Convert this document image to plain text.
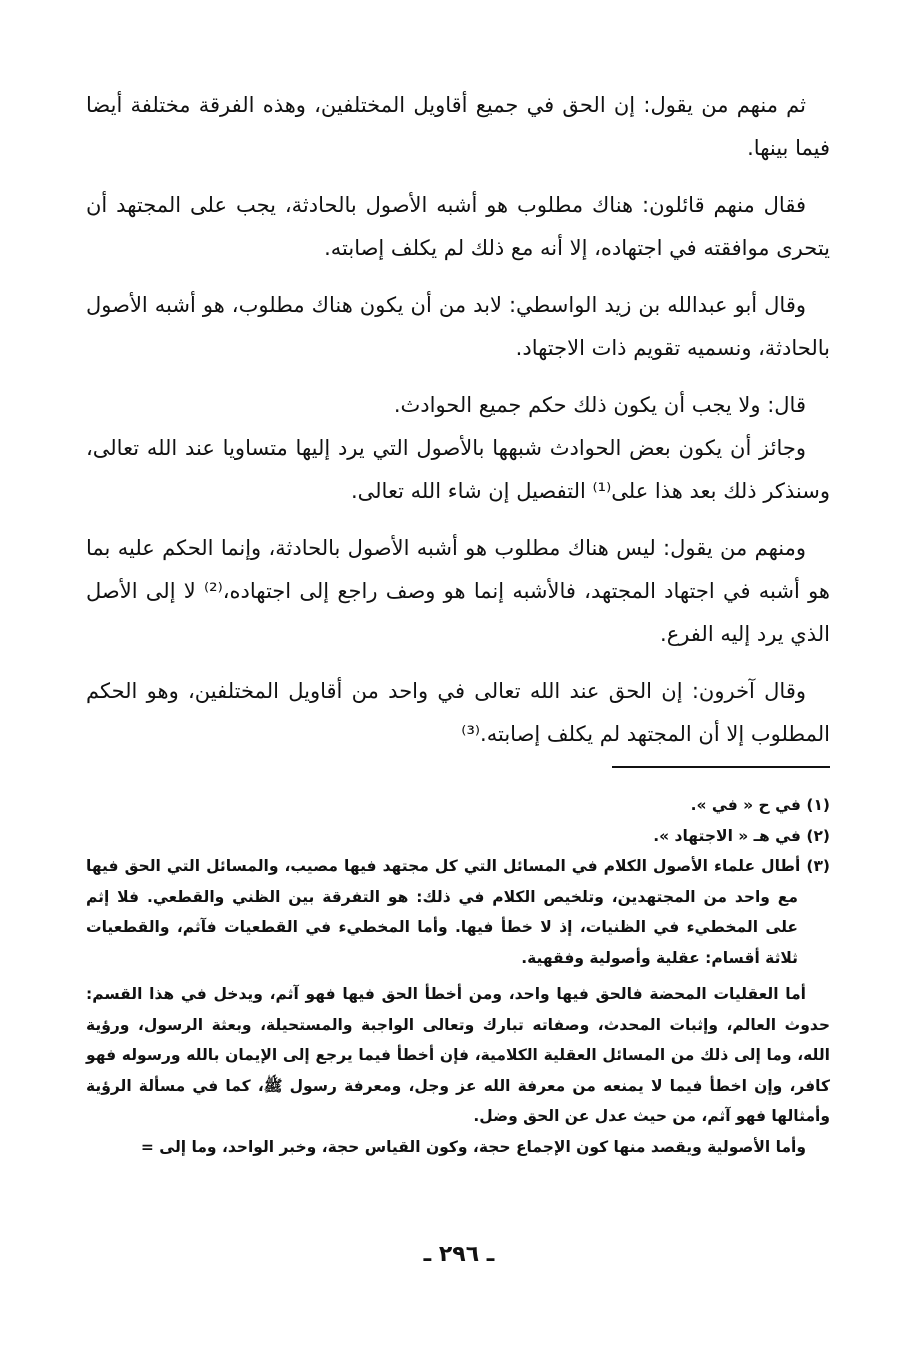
ثم منهم من يقول: إن الحق في جميع أقاويل المختلفين، وهذه الفرقة مختلفة أيضا فيما بينها.

فقال منهم قائلون: هناك مطلوب هو أشبه الأصول بالحادثة، يجب على المجتهد أن يتحرى موافقته في اجتهاده، إلا أنه مع ذلك لم يكلف إصابته.

وقال أبو عبدالله بن زيد الواسطي: لابد من أن يكون هناك مطلوب، هو أشبه الأصول بالحادثة، ونسميه تقويم ذات الاجتهاد.

قال: ولا يجب أن يكون ذلك حكم جميع الحوادث.

وجائز أن يكون بعض الحوادث شبهها بالأصول التي يرد إليها متساويا عند الله تعالى، وسنذكر ذلك بعد هذا على⁽¹⁾ التفصيل إن شاء الله تعالى.

ومنهم من يقول: ليس هناك مطلوب هو أشبه الأصول بالحادثة، وإنما الحكم عليه بما هو أشبه في اجتهاد المجتهد، فالأشبه إنما هو وصف راجع إلى اجتهاده،⁽²⁾ لا إلى الأصل الذي يرد إليه الفرع.

وقال آخرون: إن الحق عند الله تعالى في واحد من أقاويل المختلفين، وهو الحكم المطلوب إلا أن المجتهد لم يكلف إصابته.⁽³⁾

(١) في ح « في ».

(٢) في هـ « الاجتهاد ».

(٣) أطال علماء الأصول الكلام في المسائل التي كل مجتهد فيها مصيب، والمسائل التي الحق فيها مع واحد من المجتهدين، وتلخيص الكلام في ذلك: هو التفرقة بين الظني والقطعي. فلا إثم على المخطيء في الظنيات، إذ لا خطأ فيها. وأما المخطيء في القطعيات فآثم، والقطعيات ثلاثة أقسام: عقلية وأصولية وفقهية.

أما العقليات المحضة فالحق فيها واحد، ومن أخطأ الحق فيها فهو آثم، ويدخل في هذا القسم: حدوث العالم، وإثبات المحدث، وصفاته تبارك وتعالى الواجبة والمستحيلة، وبعثة الرسول، ورؤية الله، وما إلى ذلك من المسائل العقلية الكلامية، فإن أخطأ فيما يرجع إلى الإيمان بالله ورسوله فهو كافر، وإن اخطأ فيما لا يمنعه من معرفة الله عز وجل، ومعرفة رسول ﷺ، كما في مسألة الرؤية وأمثالها فهو آثم، من حيث عدل عن الحق وضل.

وأما الأصولية ويقصد منها كون الإجماع حجة، وكون القياس حجة، وخبر الواحد، وما إلى =

ـ ٢٩٦ ـ
